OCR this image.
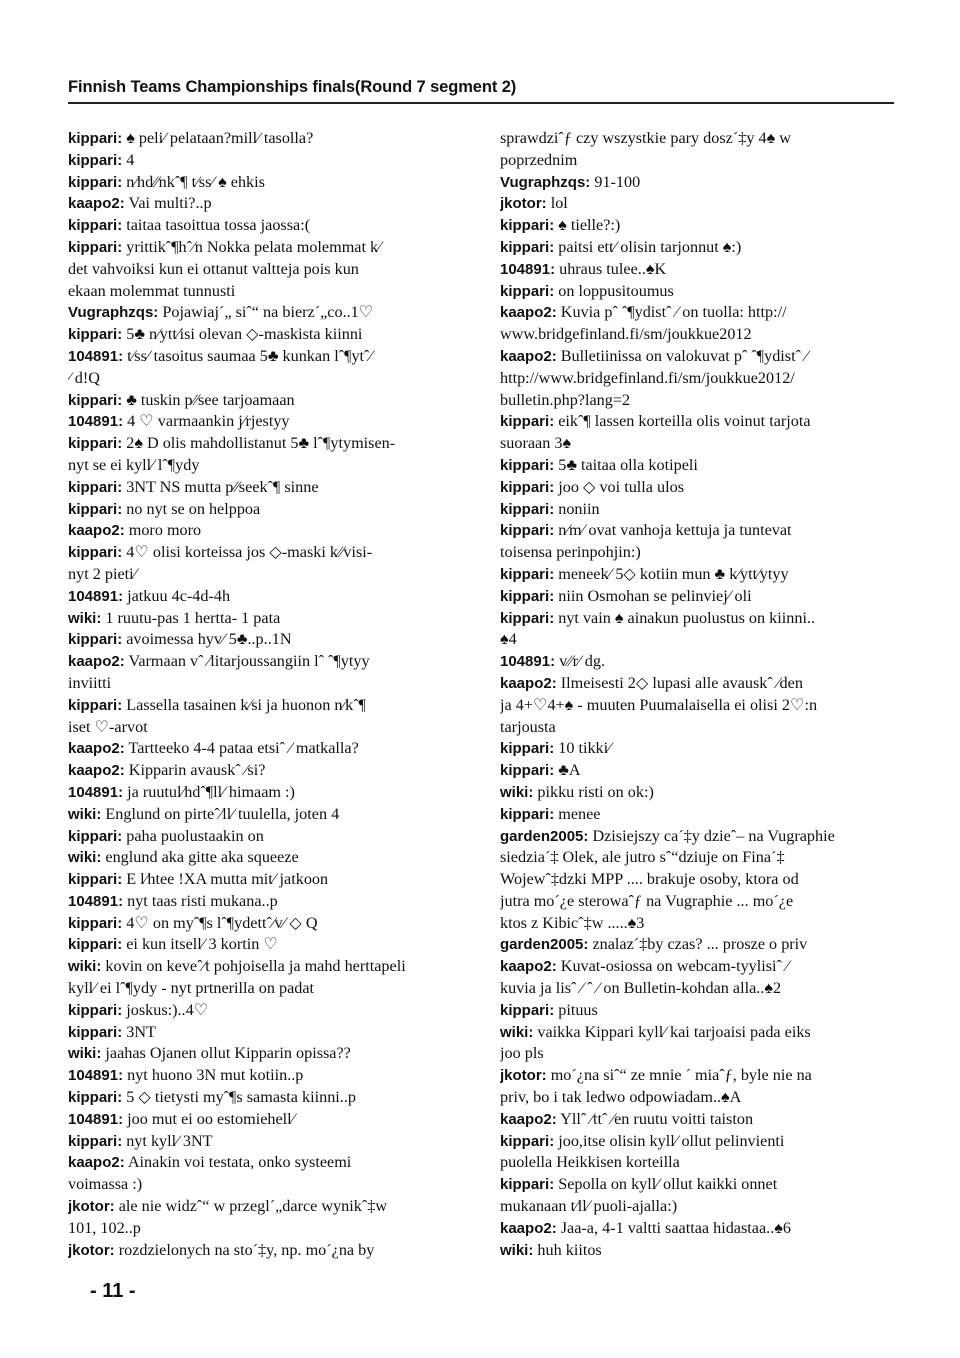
Finnish Teams Championships finals(Round 7 segment 2)
kippari: ♠ peli⁄ pelataan?mill⁄ tasolla?
kippari: 4
kippari: n⁄hd⁄⁄nkˆ¶ t⁄ss⁄ ♠ ehkis
kaapo2: Vai multi?..p
kippari: taitaa tasoittua tossa jaossa:(
kippari: yrittikˆ¶hˆ⁄n Nokka pelata molemmat k⁄
det vahvoiksi kun ei ottanut valtteja pois kun
ekaan molemmat tunnusti
Vugraphzqs: Pojawiaj´„ siˆ“ na bierz´„co..1♡
kippari: 5♣ n⁄ytt⁄isi olevan ◇-maskista kiinni
104891: t⁄ss⁄ tasoitus saumaa 5♣ kunkan lˆ¶ytˆ⁄
⁄ d!Q
kippari: ♣ tuskin p⁄⁄see tarjoamaan
104891: 4 ♡ varmaankin j⁄rjestyy
kippari: 2♠ D olis mahdollistanut 5♣ lˆ¶ytymisen-
nyt se ei kyll⁄ lˆ¶ydy
kippari: 3NT NS mutta p⁄⁄seekˆ¶ sinne
kippari: no nyt se on helppoa
kaapo2: moro moro
kippari: 4♡ olisi korteissa jos ◇-maski k⁄⁄visi-
nyt 2 pieti⁄
104891: jatkuu 4c-4d-4h
wiki: 1 ruutu-pas 1 hertta- 1 pata
kippari: avoimessa hyv⁄ 5♣..p..1N
kaapo2: Varmaan vˆ ⁄litarjoussangiin lˆ ˆ¶ytyy
inviitti
kippari: Lassella tasainen k⁄si ja huonon n⁄kˆ¶
iset ♡-arvot
kaapo2: Tartteeko 4-4 pataa etsiˆ ⁄ matkalla?
kaapo2: Kipparin avauskˆ ⁄si?
104891: ja ruutul⁄hdˆ¶ll⁄ himaam :)
wiki: Englund on pirteˆ⁄ll⁄ tuulella, joten 4
kippari: paha puolustaakin on
wiki: englund aka gitte aka squeeze
kippari: E l⁄htee !XA mutta mit⁄ jatkoon
104891: nyt taas risti mukana..p
kippari: 4♡ on myˆ¶s lˆ¶ydettˆ⁄v⁄ ◇ Q
kippari: ei kun itsell⁄ 3 kortin ♡
wiki: kovin on keveˆ⁄t pohjoisella ja mahd herttapeli
kyll⁄ ei lˆ¶ydy - nyt prtnerilla on padat
kippari: joskus:)..4♡
kippari: 3NT
wiki: jaahas Ojanen ollut Kipparin opissa??
104891: nyt huono 3N mut kotiin..p
kippari: 5 ◇ tietysti myˆ¶s samasta kiinni..p
104891: joo mut ei oo estomiehell⁄
kippari: nyt kyll⁄ 3NT
kaapo2: Ainakin voi testata, onko systeemi
voimassa :)
jkotor: ale nie widzˆ“ w przegl´„darce wynikˆ‡w
101, 102..p
jkotor: rozdzielonych na sto´‡y, np. mo´¿na by
sprawdziˆƒ czy wszystkie pary dosz´‡y 4♠ w
poprzednim
Vugraphzqs: 91-100
jkotor: lol
kippari: ♠ tielle?:)
kippari: paitsi ett⁄ olisin tarjonnut ♠:)
104891: uhraus tulee..♠K
kippari: on loppusitoumus
kaapo2: Kuvia pˆ ˆ¶ydistˆ ⁄ on tuolla: http://
www.bridgefinland.fi/sm/joukkue2012
kaapo2: Bulletiinissa on valokuvat pˆ ˆ¶ydistˆ ⁄
http://www.bridgefinland.fi/sm/joukkue2012/
bulletin.php?lang=2
kippari: eikˆ¶ lassen korteilla olis voinut tarjota
suoraan 3♠
kippari: 5♣ taitaa olla kotipeli
kippari: joo ◇ voi tulla ulos
kippari: noniin
kippari: n⁄m⁄ ovat vanhoja kettuja ja tuntevat
toisensa perinpohjin:)
kippari: meneek⁄ 5◇ kotiin mun ♣ k⁄ytt⁄ytyy
kippari: niin Osmohan se pelinviej⁄ oli
kippari: nyt vain ♠ ainakun puolustus on kiinni..
♠4
104891: v⁄⁄r⁄ dg.
kaapo2: Ilmeisesti 2◇ lupasi alle avauskˆ ⁄den
ja 4+♡4+♠ - muuten Puumalaisella ei olisi 2♡:n
tarjousta
kippari: 10 tikki⁄
kippari: ♣A
wiki: pikku risti on ok:)
kippari: menee
garden2005: Dzisiejszy ca´‡y dzieˆ– na Vugraphie
siedzia´‡ Olek, ale jutro sˆ“dziuje on Fina´‡
Wojewˆ‡dzki MPP .... brakuje osoby, ktora od
jutra mo´¿e sterowaˆƒ na Vugraphie ... mo´¿e
ktos z Kibicˆ‡w .....♠3
garden2005: znalaz´‡by czas? ... prosze o priv
kaapo2: Kuvat-osiossa on webcam-tyylisiˆ ⁄
kuvia ja lisˆ ⁄ ˆ ⁄ on Bulletin-kohdan alla..♠2
kippari: pituus
wiki: vaikka Kippari kyll⁄ kai tarjoaisi pada eiks
joo pls
jkotor: mo´¿na siˆ“ ze mnie ´ miaˆƒ, byle nie na
priv, bo i tak ledwo odpowiadam..♠A
kaapo2: Yllˆ ⁄ttˆ ⁄en ruutu voitti taiston
kippari: joo,itse olisin kyll⁄ ollut pelinvienti
puolella Heikkisen korteilla
kippari: Sepolla on kyll⁄ ollut kaikki onnet
mukanaan t⁄ll⁄ puoli-ajalla:)
kaapo2: Jaa-a, 4-1 valtti saattaa hidastaa..♠6
wiki: huh kiitos
- 11 -
